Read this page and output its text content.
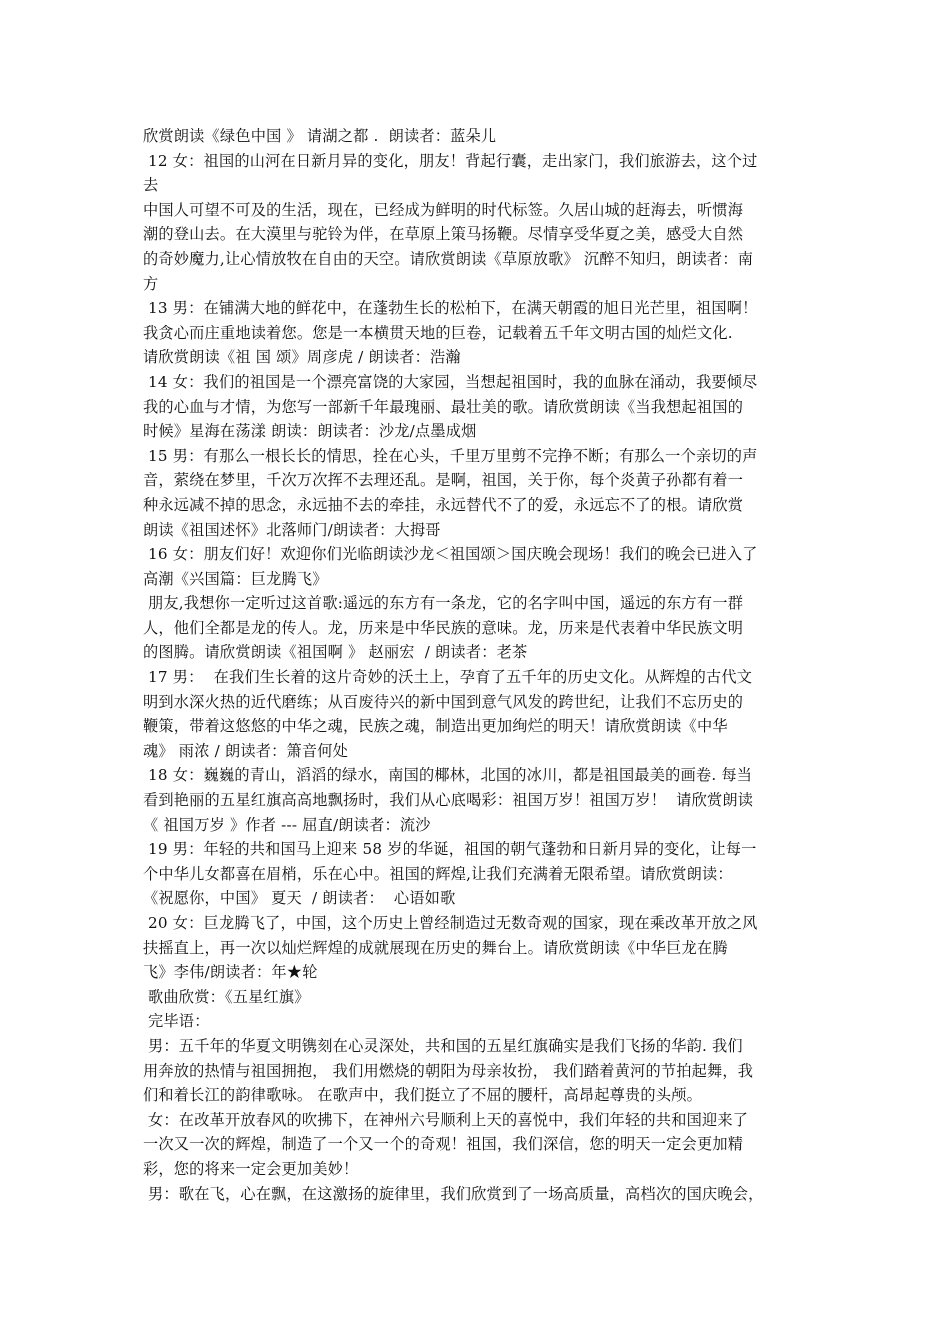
欣赏朗读《绿色中国 》 请湖之都 .  朗读者：蓝朵儿
12 女：祖国的山河在日新月异的变化，朋友！背起行囊，走出家门，我们旅游去，这个过
去
中国人可望不可及的生活，现在，已经成为鲜明的时代标签。久居山城的赶海去，听惯海
潮的登山去。在大漠里与驼铃为伴，在草原上策马扬鞭。尽情享受华夏之美，感受大自然
的奇妙魔力,让心情放牧在自由的天空。请欣赏朗读《草原放歌》 沉醉不知归，朗读者：南
方
13 男：在铺满大地的鲜花中，在蓬勃生长的松柏下，在满天朝霞的旭日光芒里，祖国啊！
我贪心而庄重地读着您。您是一本横贯天地的巨卷，记载着五千年文明古国的灿烂文化.
请欣赏朗读《祖 国 颂》周彦虎 / 朗读者：浩瀚
14 女：我们的祖国是一个漂亮富饶的大家园，当想起祖国时，我的血脉在涌动，我要倾尽
我的心血与才情，为您写一部新千年最瑰丽、最壮美的歌。请欣赏朗读《当我想起祖国的
时候》星海在荡漾 朗读：朗读者：沙龙/点墨成烟
15 男：有那么一根长长的情思，拴在心头，千里万里剪不完挣不断；有那么一个亲切的声
音，萦绕在梦里，千次万次挥不去理还乱。是啊，祖国，关于你，每个炎黄子孙都有着一
种永远减不掉的思念，永远抽不去的牵挂，永远替代不了的爱，永远忘不了的根。请欣赏
朗读《祖国述怀》北落师门/朗读者：大拇哥
16 女：朋友们好！欢迎你们光临朗读沙龙＜祖国颂＞国庆晚会现场！我们的晚会已进入了
高潮《兴国篇：巨龙腾飞》
朋友,我想你一定听过这首歌:遥远的东方有一条龙，它的名字叫中国，遥远的东方有一群
人，他们全都是龙的传人。龙，历来是中华民族的意味。龙，历来是代表着中华民族文明
的图腾。请欣赏朗读《祖国啊 》 赵丽宏  / 朗读者：老茶
17 男：  在我们生长着的这片奇妙的沃土上，孕育了五千年的历史文化。从辉煌的古代文
明到水深火热的近代磨练；从百废待兴的新中国到意气风发的跨世纪，让我们不忘历史的
鞭策，带着这悠悠的中华之魂，民族之魂，制造出更加绚烂的明天！请欣赏朗读《中华
魂》 雨浓 / 朗读者：箫音何处
18 女：巍巍的青山，滔滔的绿水，南国的椰林，北国的冰川，都是祖国最美的画卷. 每当
看到艳丽的五星红旗高高地飘扬时，我们从心底喝彩：祖国万岁！祖国万岁！  请欣赏朗读
《 祖国万岁 》作者 --- 屈直/朗读者：流沙
19 男：年轻的共和国马上迎来 58 岁的华诞，祖国的朝气蓬勃和日新月异的变化，让每一
个中华儿女都喜在眉梢，乐在心中。祖国的辉煌,让我们充满着无限希望。请欣赏朗读：
《祝愿你，中国》 夏天  / 朗读者：  心语如歌
20 女：巨龙腾飞了，中国，这个历史上曾经制造过无数奇观的国家，现在乘改革开放之风
扶摇直上，再一次以灿烂辉煌的成就展现在历史的舞台上。请欣赏朗读《中华巨龙在腾
飞》李伟/朗读者：年★轮
歌曲欣赏：《五星红旗》
完毕语：
男：五千年的华夏文明镌刻在心灵深处，共和国的五星红旗确实是我们飞扬的华韵. 我们
用奔放的热情与祖国拥抱， 我们用燃烧的朝阳为母亲妆扮， 我们踏着黄河的节拍起舞，我
们和着长江的韵律歌咏。 在歌声中，我们挺立了不屈的腰杆，高昂起尊贵的头颅。
女：在改革开放春风的吹拂下，在神州六号顺利上天的喜悦中，我们年轻的共和国迎来了
一次又一次的辉煌，制造了一个又一个的奇观！祖国，我们深信，您的明天一定会更加精
彩，您的将来一定会更加美妙！
男：歌在飞，心在飘，在这激扬的旋律里，我们欣赏到了一场高质量，高档次的国庆晚会，
